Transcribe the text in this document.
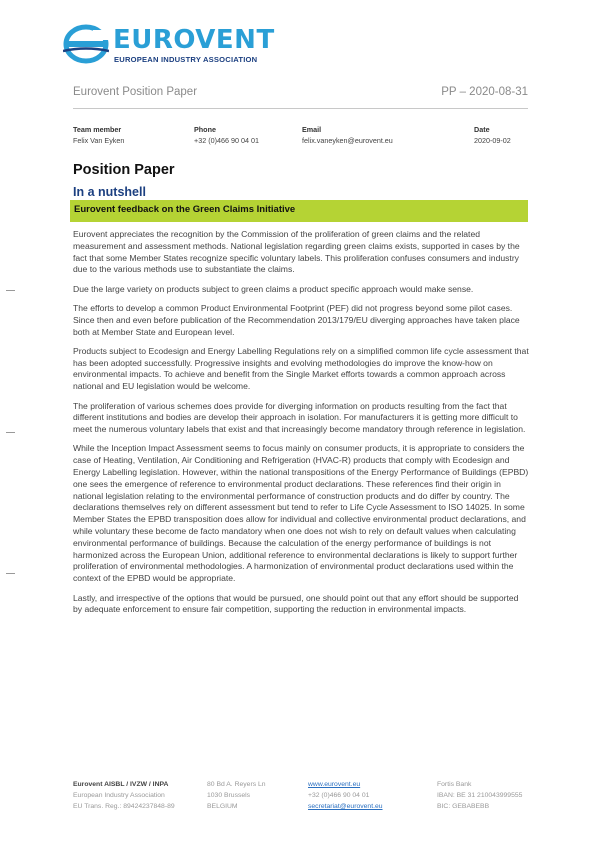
EUROVENT
EUROPEAN INDUSTRY ASSOCIATION
Eurovent Position Paper	PP – 2020-08-31
Team member
Felix Van Eyken
Phone
+32 (0)466 90 04 01
Email
felix.vaneyken@eurovent.eu
Date
2020-09-02
Position Paper
In a nutshell
Eurovent feedback on the Green Claims Initiative

Eurovent appreciates the recognition by the Commission of the proliferation of green claims and the related measurement and assessment methods. National legislation regarding green claims exists, supported in cases by the fact that some Member States recognize specific voluntary labels. This proliferation confuses consumers and industry due to the various methods use to substantiate the claims.

Due the large variety on products subject to green claims a product specific approach would make sense.

The efforts to develop a common Product Environmental Footprint (PEF) did not progress beyond some pilot cases. Since then and even before publication of the Recommendation 2013/179/EU diverging approaches have taken place both at Member State and European level.

Products subject to Ecodesign and Energy Labelling Regulations rely on a simplified common life cycle assessment that has been adopted successfully. Progressive insights and evolving methodologies do improve the know-how on environmental impacts. To achieve and benefit from the Single Market efforts towards a common approach across national and EU legislation would be welcome.

The proliferation of various schemes does provide for diverging information on products resulting from the fact that different institutions and bodies are develop their approach in isolation. For manufacturers it is getting more difficult to meet the numerous voluntary labels that exist and that increasingly become mandatory through reference in legislation.

While the Inception Impact Assessment seems to focus mainly on consumer products, it is appropriate to considers the case of Heating, Ventilation, Air Conditioning and Refrigeration (HVAC-R) products that comply with Ecodesign and Energy Labelling legislation. However, within the national transpositions of the Energy Performance of Buildings (EPBD) one sees the emergence of reference to environmental product declarations. These references find their origin in national legislation relating to the environmental performance of construction products and do differ by country. The declarations themselves rely on different assessment but tend to refer to Life Cycle Assessment to ISO 14025. In some Member States the EPBD transposition does allow for individual and collective environmental product declarations, and while voluntary these become de facto mandatory when one does not wish to rely on default values when calculating environmental performance of buildings. Because the calculation of the energy performance of buildings is not harmonized across the European Union, additional reference to environmental declarations is likely to support further proliferation of environmental methodologies. A harmonization of environmental product declarations used within the context of the EPBD would be appropriate.

Lastly, and irrespective of the options that would be pursued, one should point out that any effort should be supported by adequate enforcement to ensure fair competition, supporting the reduction in environmental impacts.

Eurovent AISBL / IVZW / INPA
European Industry Association
EU Trans. Reg.: 89424237848-89
80 Bd A. Reyers Ln
1030 Brussels
BELGIUM
www.eurovent.eu
+32 (0)466 90 04 01
secretariat@eurovent.eu
Fortis Bank
IBAN: BE 31 210043999555
BIC: GEBABEBB
